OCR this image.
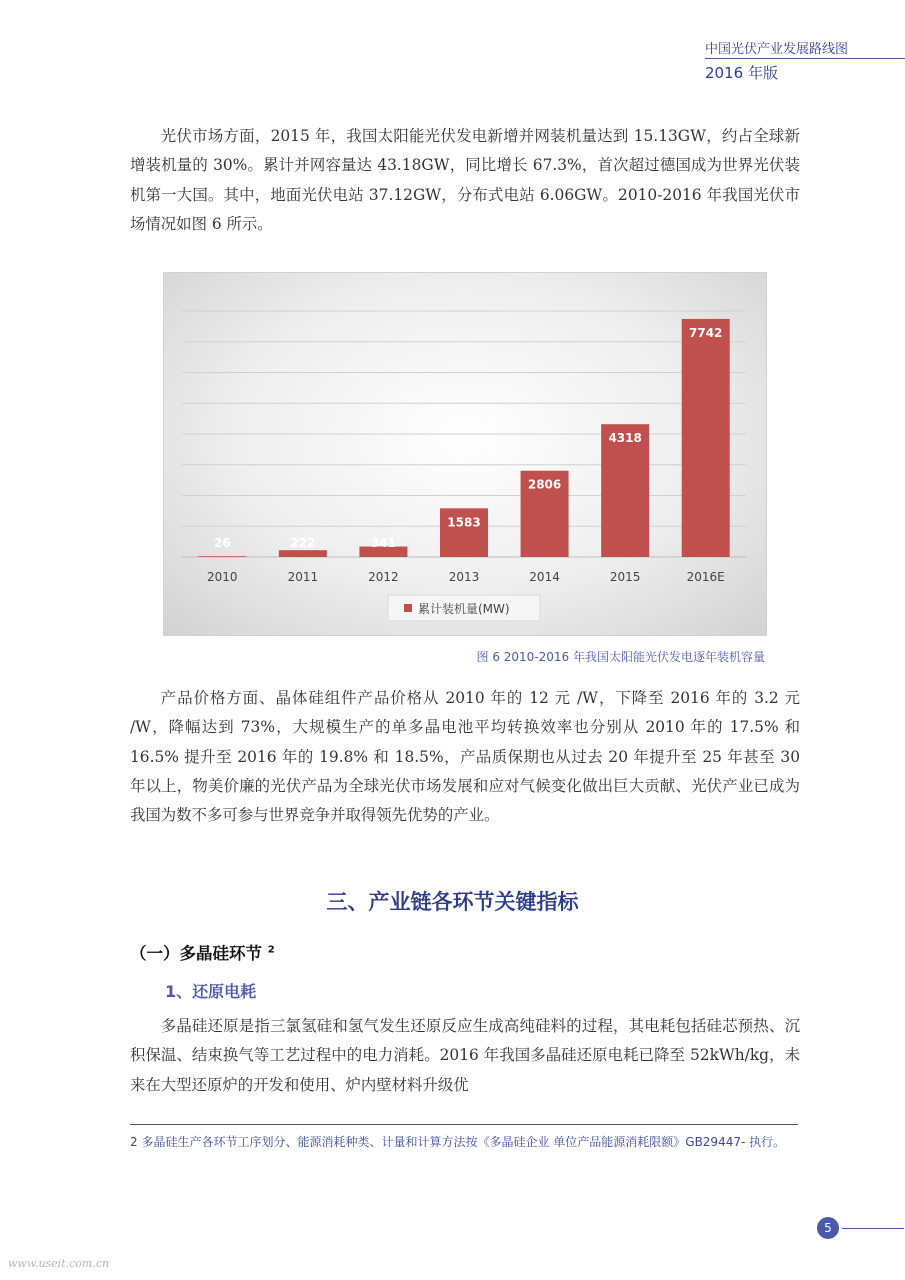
中国光伏产业发展路线图
2016 年版

光伏市场方面，2015 年，我国太阳能光伏发电新增并网装机量达到 15.13GW，约占全球新增装机量的 30%。累计并网容量达 43.18GW，同比增长 67.3%，首次超过德国成为世界光伏装机第一大国。其中，地面光伏电站 37.12GW，分布式电站 6.06GW。2010-2016 年我国光伏市场情况如图 6 所示。

26
2010
222
2011
341
2012
1583
2013
2806
2014
4318
2015
7742
2016E
累计装机量(MW)
图 6 2010-2016 年我国太阳能光伏发电逐年装机容量

产品价格方面、晶体硅组件产品价格从 2010 年的 12 元 /W，下降至 2016 年的 3.2 元 /W，降幅达到 73%，大规模生产的单多晶电池平均转换效率也分别从 2010 年的 17.5% 和 16.5% 提升至 2016 年的 19.8% 和 18.5%，产品质保期也从过去 20 年提升至 25 年甚至 30 年以上，物美价廉的光伏产品为全球光伏市场发展和应对气候变化做出巨大贡献、光伏产业已成为我国为数不多可参与世界竞争并取得领先优势的产业。

三、产业链各环节关键指标
（一）多晶硅环节 $^2$
1、还原电耗

多晶硅还原是指三氯氢硅和氢气发生还原反应生成高纯硅料的过程，其电耗包括硅芯预热、沉积保温、结束换气等工艺过程中的电力消耗。2016 年我国多晶硅还原电耗已降至 52kWh/kg，未来在大型还原炉的开发和使用、炉内壁材料升级优

2 多晶硅生产各环节工序划分、能源消耗种类、计量和计算方法按《多晶硅企业 单位产品能源消耗限额》GB29447- 执行。
5
www.useit.com.cn
